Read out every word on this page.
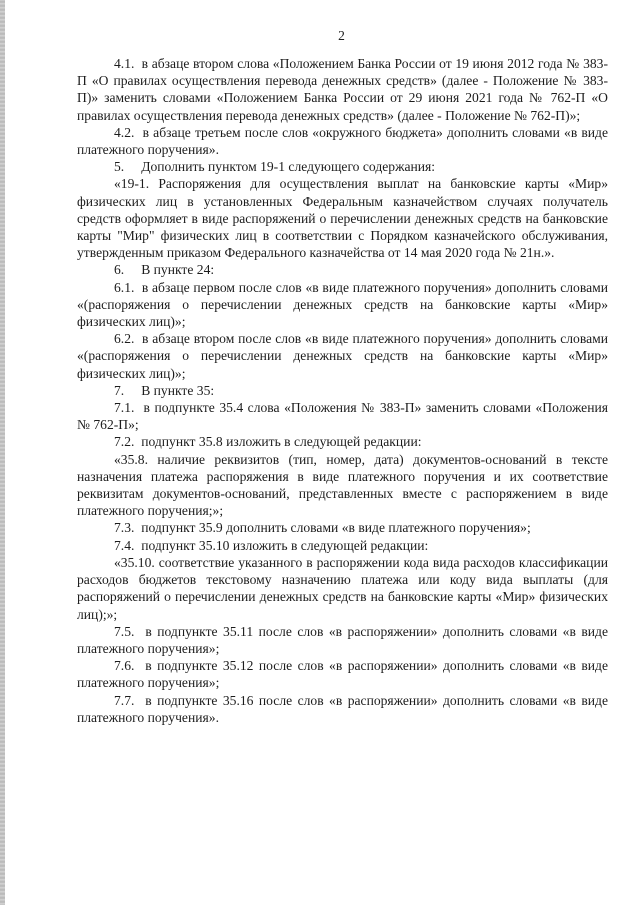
2

4.1.  в абзаце втором слова «Положением Банка России от 19 июня 2012 года № 383-П «О правилах осуществления перевода денежных средств» (далее - Положение № 383-П)» заменить словами «Положением Банка России от 29 июня 2021 года № 762-П «О правилах осуществления перевода денежных средств» (далее - Положение № 762-П)»;

4.2.  в абзаце третьем после слов «окружного бюджета» дополнить словами «в виде платежного поручения».

5.     Дополнить пунктом 19-1 следующего содержания:

«19-1. Распоряжения для осуществления выплат на банковские карты «Мир» физических лиц в установленных Федеральным казначейством случаях получатель средств оформляет в виде распоряжений о перечислении денежных средств на банковские карты "Мир" физических лиц в соответствии с Порядком казначейского обслуживания, утвержденным приказом Федерального казначейства от 14 мая 2020 года № 21н.».

6.     В пункте 24:

6.1.  в абзаце первом после слов «в виде платежного поручения» дополнить словами «(распоряжения о перечислении денежных средств на банковские карты «Мир» физических лиц)»;

6.2.  в абзаце втором после слов «в виде платежного поручения» дополнить словами «(распоряжения о перечислении денежных средств на банковские карты «Мир» физических лиц)»;

7.     В пункте 35:

7.1.  в подпункте 35.4 слова «Положения № 383-П» заменить словами «Положения № 762-П»;

7.2.  подпункт 35.8 изложить в следующей редакции:

«35.8. наличие реквизитов (тип, номер, дата) документов-оснований в тексте назначения платежа распоряжения в виде платежного поручения и их соответствие реквизитам документов-оснований, представленных вместе с распоряжением в виде платежного поручения;»;

7.3.  подпункт 35.9 дополнить словами «в виде платежного поручения»;

7.4.  подпункт 35.10 изложить в следующей редакции:

«35.10. соответствие указанного в распоряжении кода вида расходов классификации расходов бюджетов текстовому назначению платежа или коду вида выплаты (для распоряжений о перечислении денежных средств на банковские карты «Мир» физических лиц);»;

7.5.  в подпункте 35.11 после слов «в распоряжении» дополнить словами «в виде платежного поручения»;

7.6.  в подпункте 35.12 после слов «в распоряжении» дополнить словами «в виде платежного поручения»;

7.7.  в подпункте 35.16 после слов «в распоряжении» дополнить словами «в виде платежного поручения».
